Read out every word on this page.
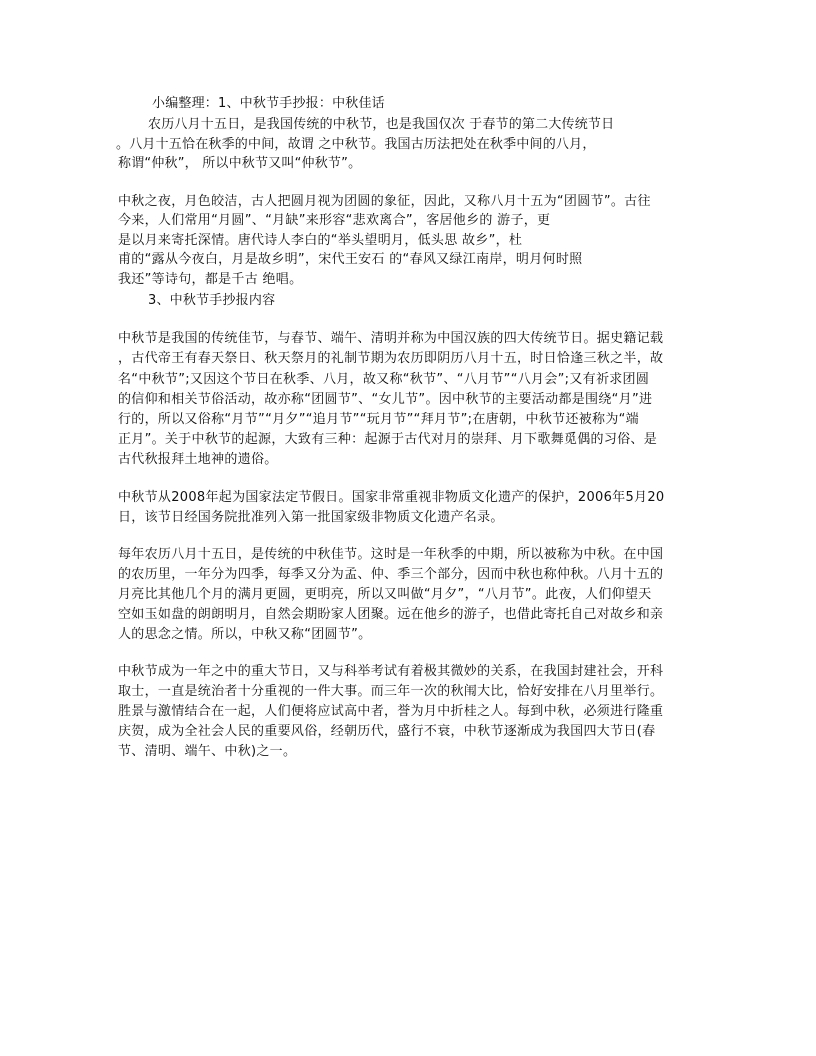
小编整理：1、中秋节手抄报：中秋佳话
农历八月十五日，是我国传统的中秋节，也是我国仅次 于春节的第二大传统节日
。八月十五恰在秋季的中间，故谓 之中秋节。我国古历法把处在秋季中间的八月，
称谓“仲秋”， 所以中秋节又叫“仲秋节”。
中秋之夜，月色皎洁，古人把圆月视为团圆的象征，因此，又称八月十五为“团圆节”。古往
今来，人们常用“月圆”、“月缺”来形容“悲欢离合”，客居他乡的 游子，更
是以月来寄托深情。唐代诗人李白的“举头望明月，低头思 故乡”，杜
甫的“露从今夜白，月是故乡明”，宋代王安石 的“春风又绿江南岸，明月何时照
我还”等诗句，都是千古 绝唱。
3、中秋节手抄报内容
中秋节是我国的传统佳节，与春节、端午、清明并称为中国汉族的四大传统节日。据史籍记载
，古代帝王有春天祭日、秋天祭月的礼制节期为农历即阴历八月十五，时日恰逢三秋之半，故
名“中秋节”;又因这个节日在秋季、八月，故又称“秋节”、“八月节”“八月会”;又有祈求团圆
的信仰和相关节俗活动，故亦称“团圆节”、“女儿节”。因中秋节的主要活动都是围绕“月”进
行的，所以又俗称“月节”“月夕”“追月节”“玩月节”“拜月节”;在唐朝，中秋节还被称为“端
正月”。关于中秋节的起源，大致有三种：起源于古代对月的崇拜、月下歌舞觅偶的习俗、是
古代秋报拜土地神的遗俗。
中秋节从2008年起为国家法定节假日。国家非常重视非物质文化遗产的保护，2006年5月20
日，该节日经国务院批准列入第一批国家级非物质文化遗产名录。
每年农历八月十五日，是传统的中秋佳节。这时是一年秋季的中期，所以被称为中秋。在中国
的农历里，一年分为四季，每季又分为孟、仲、季三个部分，因而中秋也称仲秋。八月十五的
月亮比其他几个月的满月更圆，更明亮，所以又叫做“月夕”，“八月节”。此夜，人们仰望天
空如玉如盘的朗朗明月，自然会期盼家人团聚。远在他乡的游子，也借此寄托自己对故乡和亲
人的思念之情。所以，中秋又称“团圆节”。
中秋节成为一年之中的重大节日，又与科举考试有着极其微妙的关系，在我国封建社会，开科
取士，一直是统治者十分重视的一件大事。而三年一次的秋闱大比，恰好安排在八月里举行。
胜景与激情结合在一起，人们便将应试高中者，誉为月中折桂之人。每到中秋，必须进行隆重
庆贺，成为全社会人民的重要风俗，经朝历代，盛行不衰，中秋节逐渐成为我国四大节日(春
节、清明、端午、中秋)之一。
